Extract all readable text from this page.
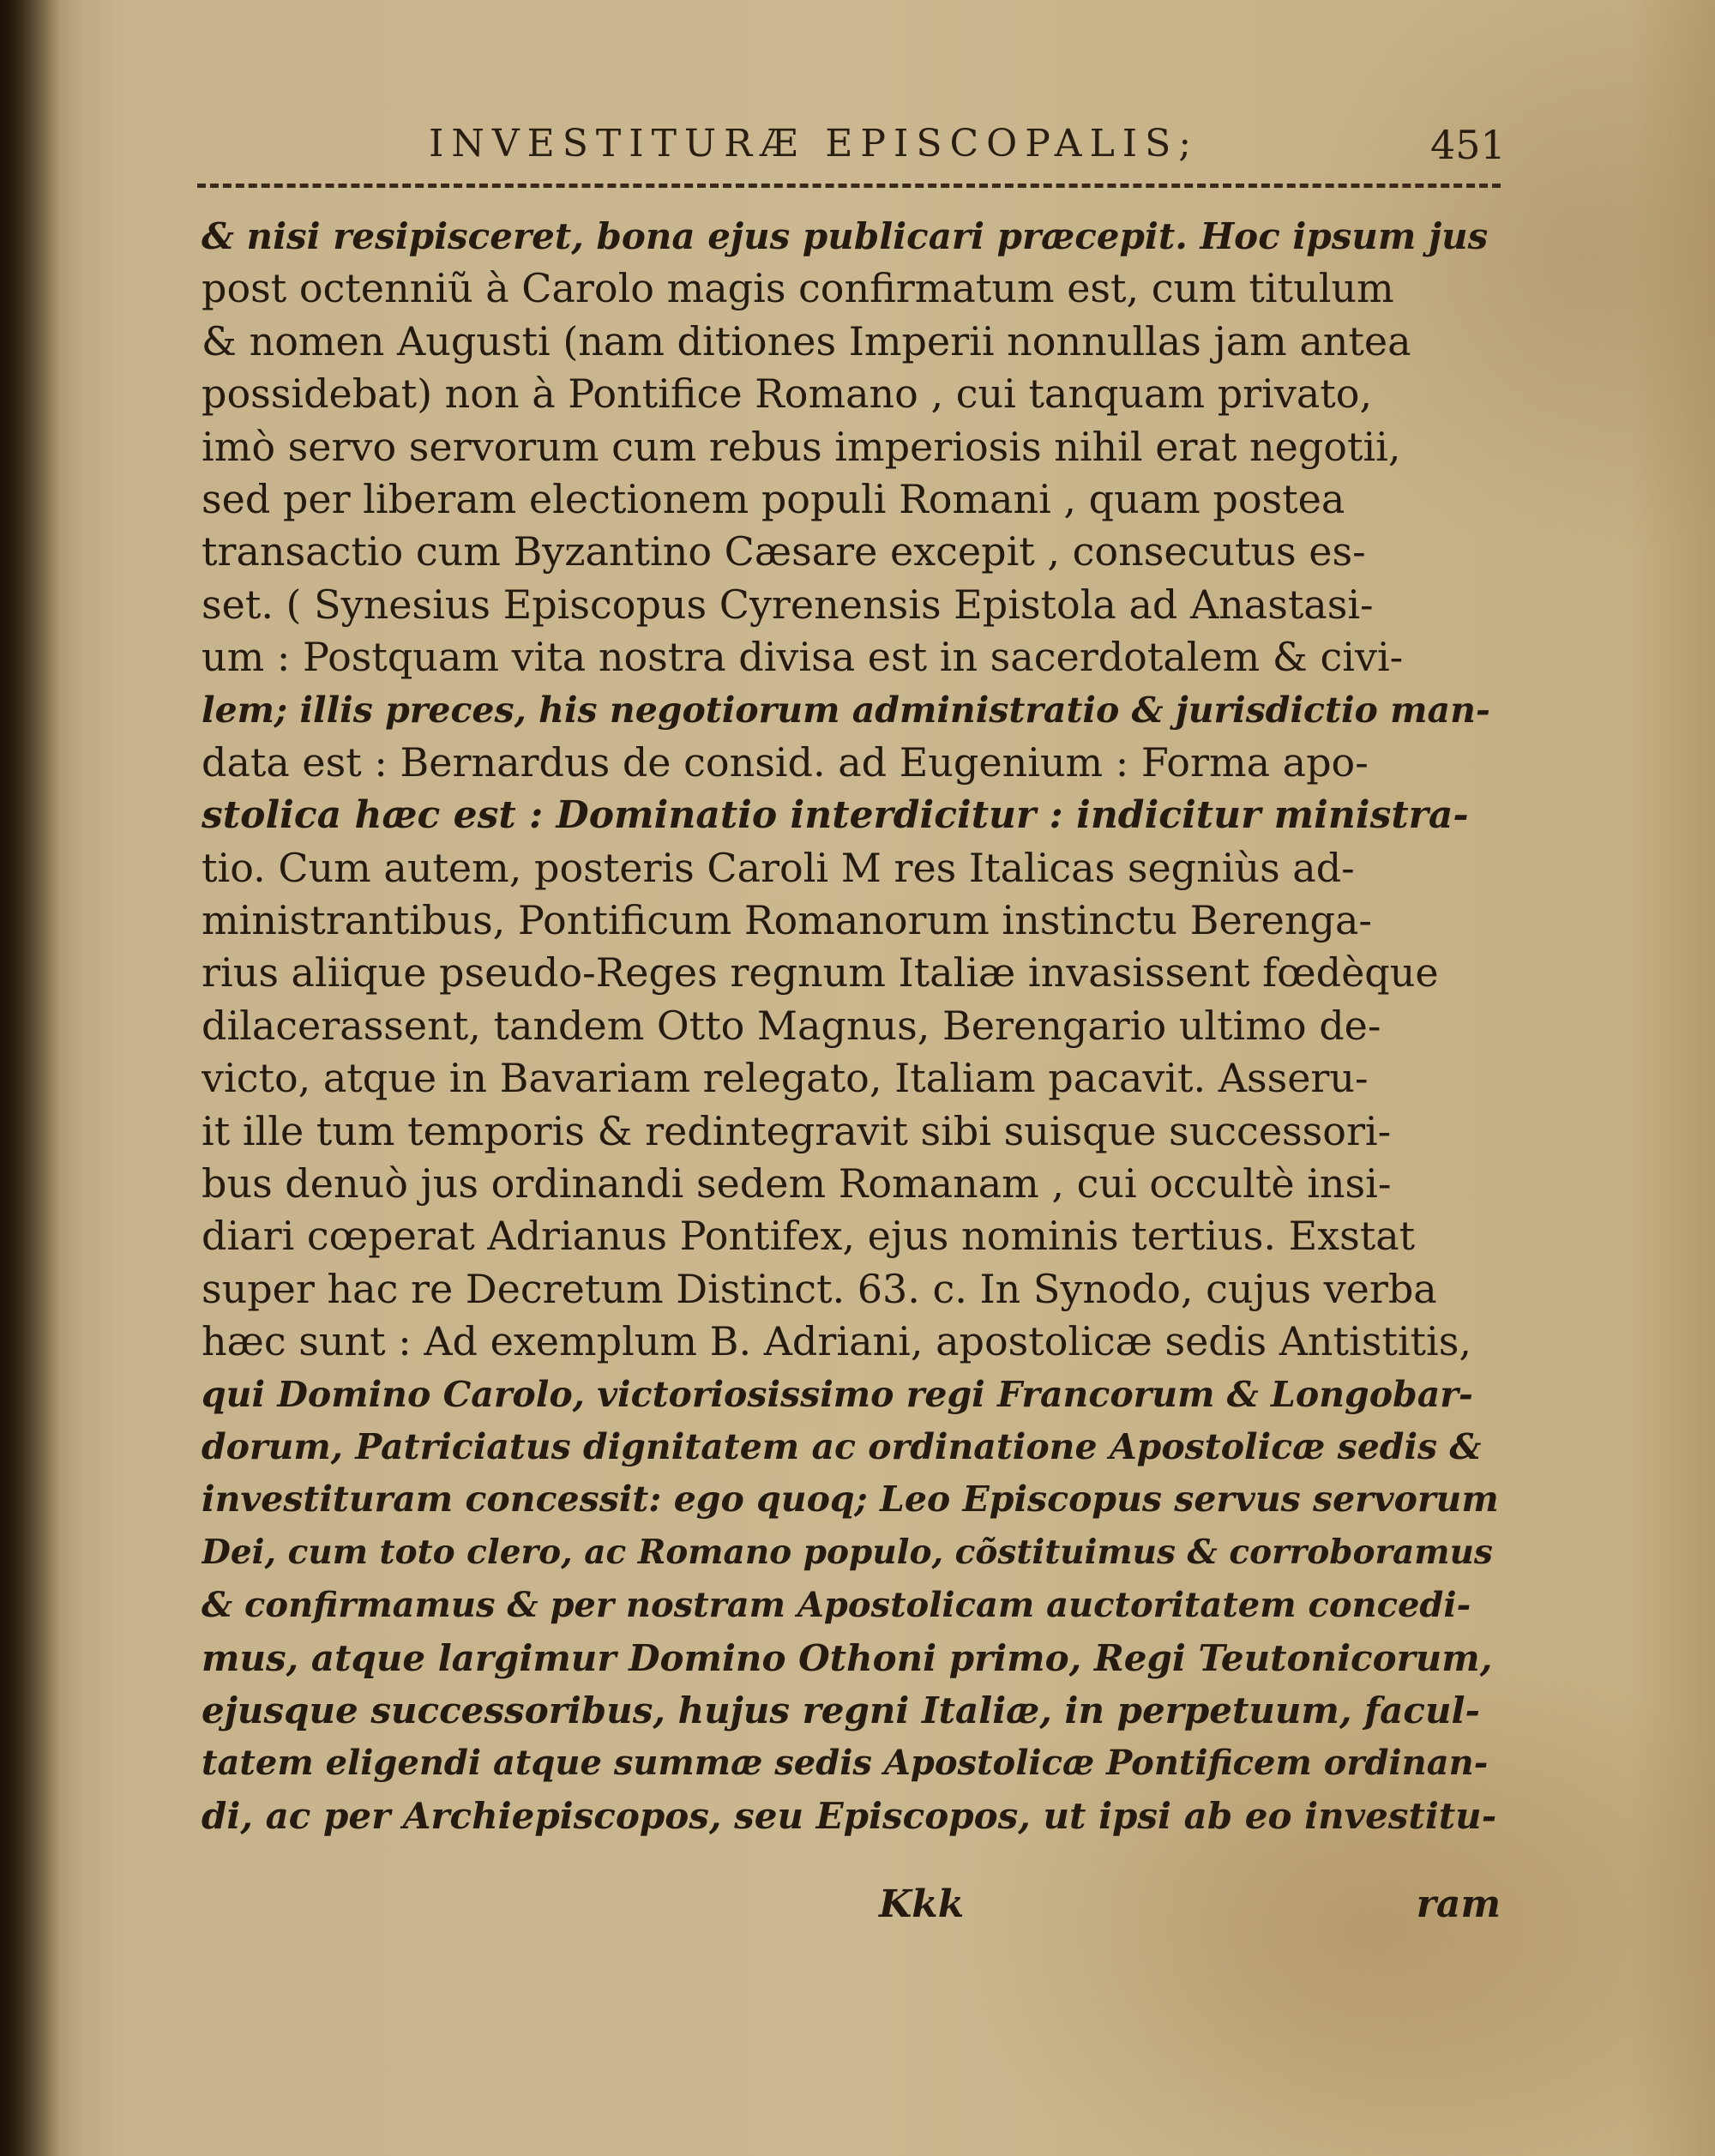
INVESTITURÆ EPISCOPALIS;	451
& nisi resipisceret, bona ejus publicari præcepit. Hoc ipsum jus
post octenniũ à Carolo magis confirmatum est, cum titulum
& nomen Augusti (nam ditiones Imperii nonnullas jam antea
possidebat) non à Pontifice Romano , cui tanquam privato,
imò servo servorum cum rebus imperiosis nihil erat negotii,
sed per liberam electionem populi Romani , quam postea
transactio cum Byzantino Cæsare excepit , consecutus es-
set. ( Synesius Episcopus Cyrenensis Epistola ad Anastasi-
um : Postquam vita nostra divisa est in sacerdotalem & civi-
lem; illis preces, his negotiorum administratio & jurisdictio man-
data est : Bernardus de consid. ad Eugenium : Forma apo-
stolica hæc est : Dominatio interdicitur : indicitur ministra-
tio. Cum autem, posteris Caroli M res Italicas segniùs ad-
ministrantibus, Pontificum Romanorum instinctu Berenga-
rius aliique pseudo-Reges regnum Italiæ invasissent fœdèque
dilacerassent, tandem Otto Magnus, Berengario ultimo de-
victo, atque in Bavariam relegato, Italiam pacavit. Asseru-
it ille tum temporis & redintegravit sibi suisque successori-
bus denuò jus ordinandi sedem Romanam , cui occultè insi-
diari cœperat Adrianus Pontifex, ejus nominis tertius. Exstat
super hac re Decretum Distinct. 63. c. In Synodo, cujus verba
hæc sunt : Ad exemplum B. Adriani, apostolicæ sedis Antistitis,
qui Domino Carolo, victoriosissimo regi Francorum & Longobar-
dorum, Patriciatus dignitatem ac ordinatione Apostolicæ sedis &
investituram concessit: ego quoq; Leo Episcopus servus servorum
Dei, cum toto clero, ac Romano populo, cõstituimus & corroboramus
& confirmamus & per nostram Apostolicam auctoritatem concedi-
mus, atque largimur Domino Othoni primo, Regi Teutonicorum,
ejusque successoribus, hujus regni Italiæ, in perpetuum, facul-
tatem eligendi atque summæ sedis Apostolicæ Pontificem ordinan-
di, ac per Archiepiscopos, seu Episcopos, ut ipsi ab eo investitu-
Kkk	ram
